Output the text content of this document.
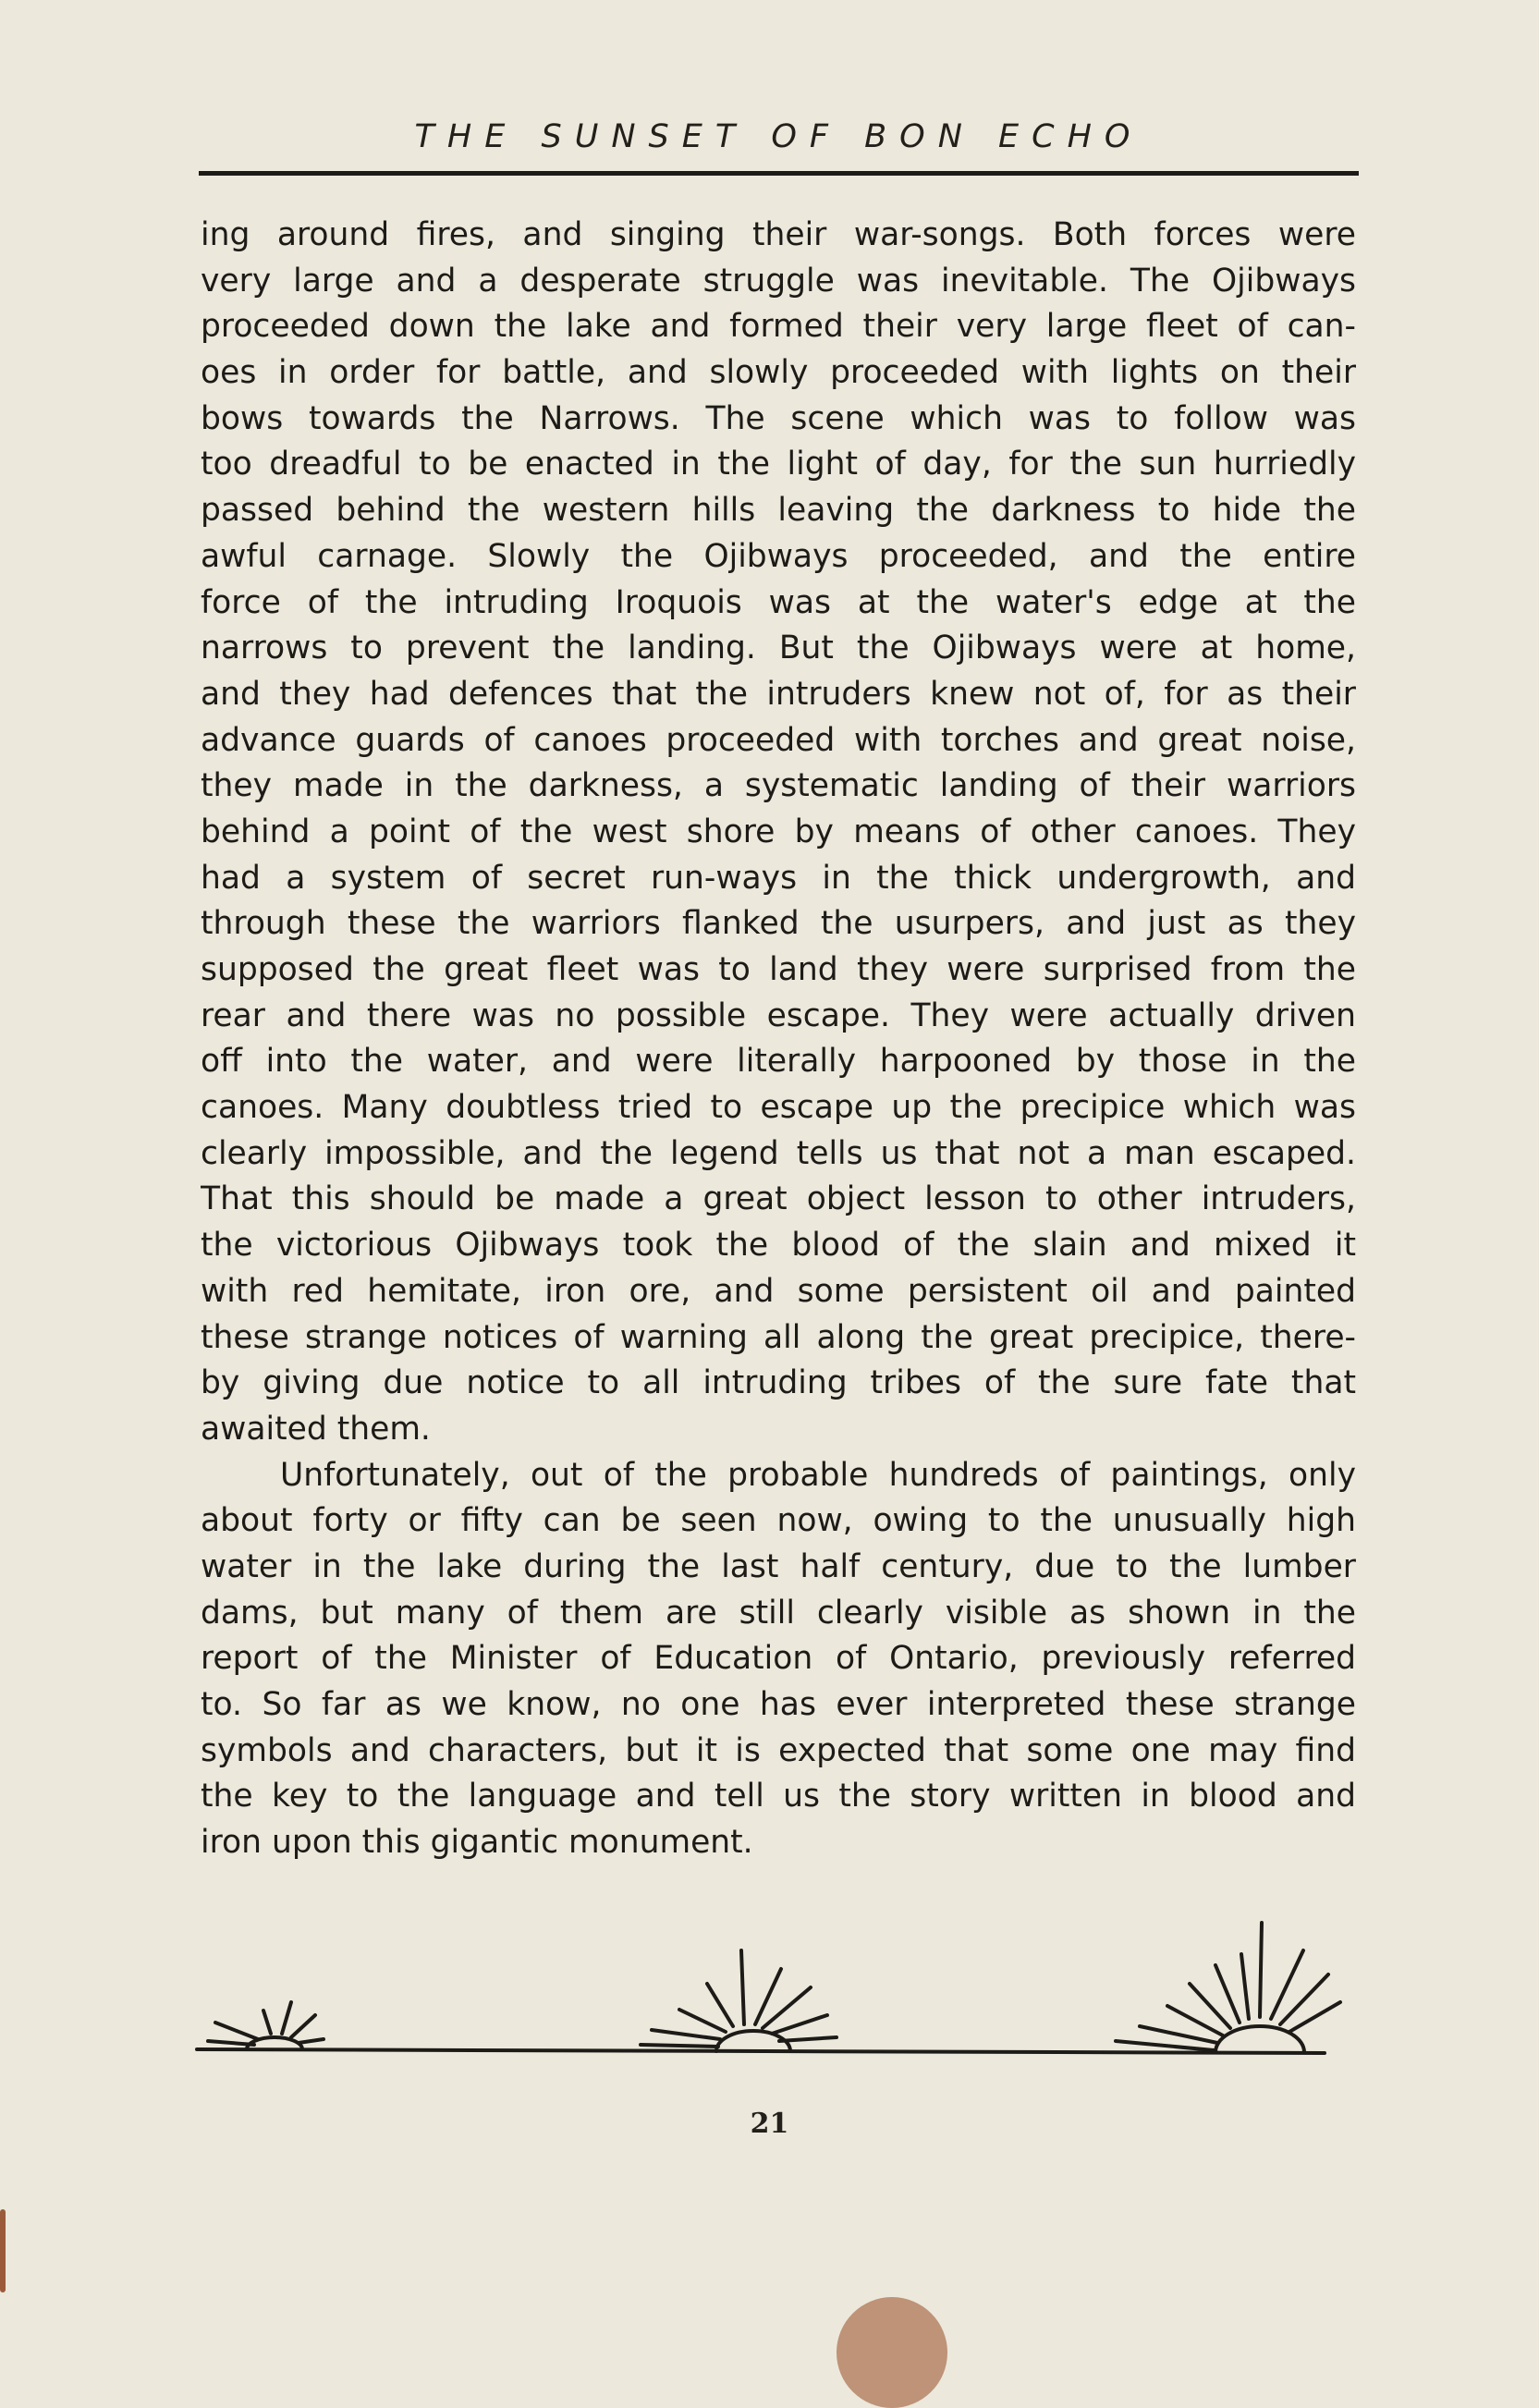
THE SUNSET OF BON ECHO
ing around fires, and singing their war-songs. Both forces were
very large and a desperate struggle was inevitable. The Ojibways
proceeded down the lake and formed their very large fleet of can-
oes in order for battle, and slowly proceeded with lights on their
bows towards the Narrows. The scene which was to follow was
too dreadful to be enacted in the light of day, for the sun hurriedly
passed behind the western hills leaving the darkness to hide the
awful carnage. Slowly the Ojibways proceeded, and the entire
force of the intruding Iroquois was at the water's edge at the
narrows to prevent the landing. But the Ojibways were at home,
and they had defences that the intruders knew not of, for as their
advance guards of canoes proceeded with torches and great noise,
they made in the darkness, a systematic landing of their warriors
behind a point of the west shore by means of other canoes. They
had a system of secret run-ways in the thick undergrowth, and
through these the warriors flanked the usurpers, and just as they
supposed the great fleet was to land they were surprised from the
rear and there was no possible escape. They were actually driven
off into the water, and were literally harpooned by those in the
canoes. Many doubtless tried to escape up the precipice which was
clearly impossible, and the legend tells us that not a man escaped.
That this should be made a great object lesson to other intruders,
the victorious Ojibways took the blood of the slain and mixed it
with red hemitate, iron ore, and some persistent oil and painted
these strange notices of warning all along the great precipice, there-
by giving due notice to all intruding tribes of the sure fate that
awaited them.
Unfortunately, out of the probable hundreds of paintings, only
about forty or fifty can be seen now, owing to the unusually high
water in the lake during the last half century, due to the lumber
dams, but many of them are still clearly visible as shown in the
report of the Minister of Education of Ontario, previously referred
to. So far as we know, no one has ever interpreted these strange
symbols and characters, but it is expected that some one may find
the key to the language and tell us the story written in blood and
iron upon this gigantic monument.
21
